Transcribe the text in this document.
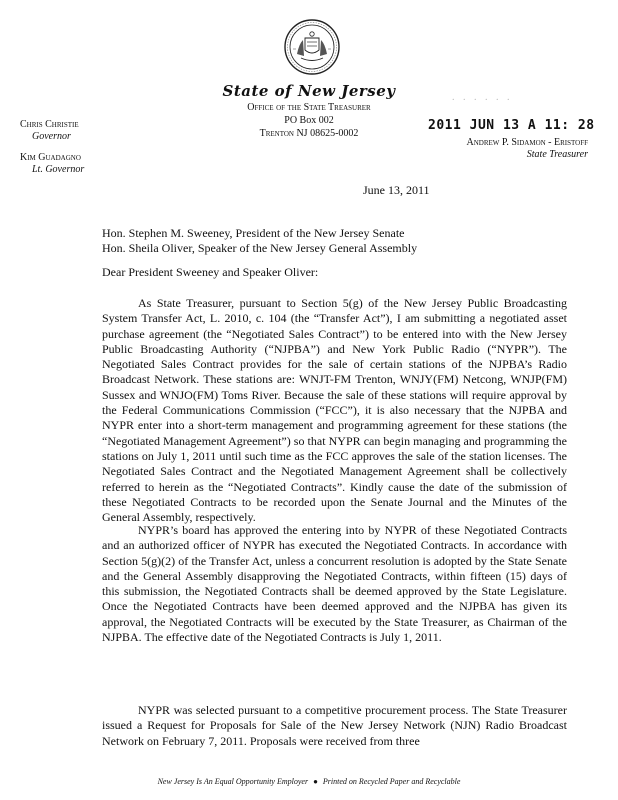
State of New Jersey
Office of the State Treasurer
PO Box 002
Trenton NJ 08625-0002
Chris Christie
Governor
Kim Guadagno
Lt. Governor
. . . . . .
2011 JUN 13 A 11: 28
Andrew P. Sidamon - Eristoff
State Treasurer
June 13, 2011
Hon. Stephen M. Sweeney, President of the New Jersey Senate
Hon. Sheila Oliver, Speaker of the New Jersey General Assembly
Dear President Sweeney and Speaker Oliver:

As State Treasurer, pursuant to Section 5(g) of the New Jersey Public Broadcasting System Transfer Act, L. 2010, c. 104 (the “Transfer Act”), I am submitting a negotiated asset purchase agreement (the “Negotiated Sales Contract”) to be entered into with the New Jersey Public Broadcasting Authority (“NJPBA”) and New York Public Radio (“NYPR”). The Negotiated Sales Contract provides for the sale of certain stations of the NJPBA’s Radio Broadcast Network. These stations are: WNJT-FM Trenton, WNJY(FM) Netcong, WNJP(FM) Sussex and WNJO(FM) Toms River. Because the sale of these stations will require approval by the Federal Communications Commission (“FCC”), it is also necessary that the NJPBA and NYPR enter into a short-term management and programming agreement for these stations (the “Negotiated Management Agreement”) so that NYPR can begin managing and programming the stations on July 1, 2011 until such time as the FCC approves the sale of the station licenses. The Negotiated Sales Contract and the Negotiated Management Agreement shall be collectively referred to herein as the “Negotiated Contracts”. Kindly cause the date of the submission of these Negotiated Contracts to be recorded upon the Senate Journal and the Minutes of the General Assembly, respectively.

NYPR’s board has approved the entering into by NYPR of these Negotiated Contracts and an authorized officer of NYPR has executed the Negotiated Contracts. In accordance with Section 5(g)(2) of the Transfer Act, unless a concurrent resolution is adopted by the State Senate and the General Assembly disapproving the Negotiated Contracts, within fifteen (15) days of this submission, the Negotiated Contracts shall be deemed approved by the State Legislature. Once the Negotiated Contracts have been deemed approved and the NJPBA has given its approval, the Negotiated Contracts will be executed by the State Treasurer, as Chairman of the NJPBA. The effective date of the Negotiated Contracts is July 1, 2011.

NYPR was selected pursuant to a competitive procurement process. The State Treasurer issued a Request for Proposals for Sale of the New Jersey Network (NJN) Radio Broadcast Network on February 7, 2011. Proposals were received from three

New Jersey Is An Equal Opportunity Employer ● Printed on Recycled Paper and Recyclable
